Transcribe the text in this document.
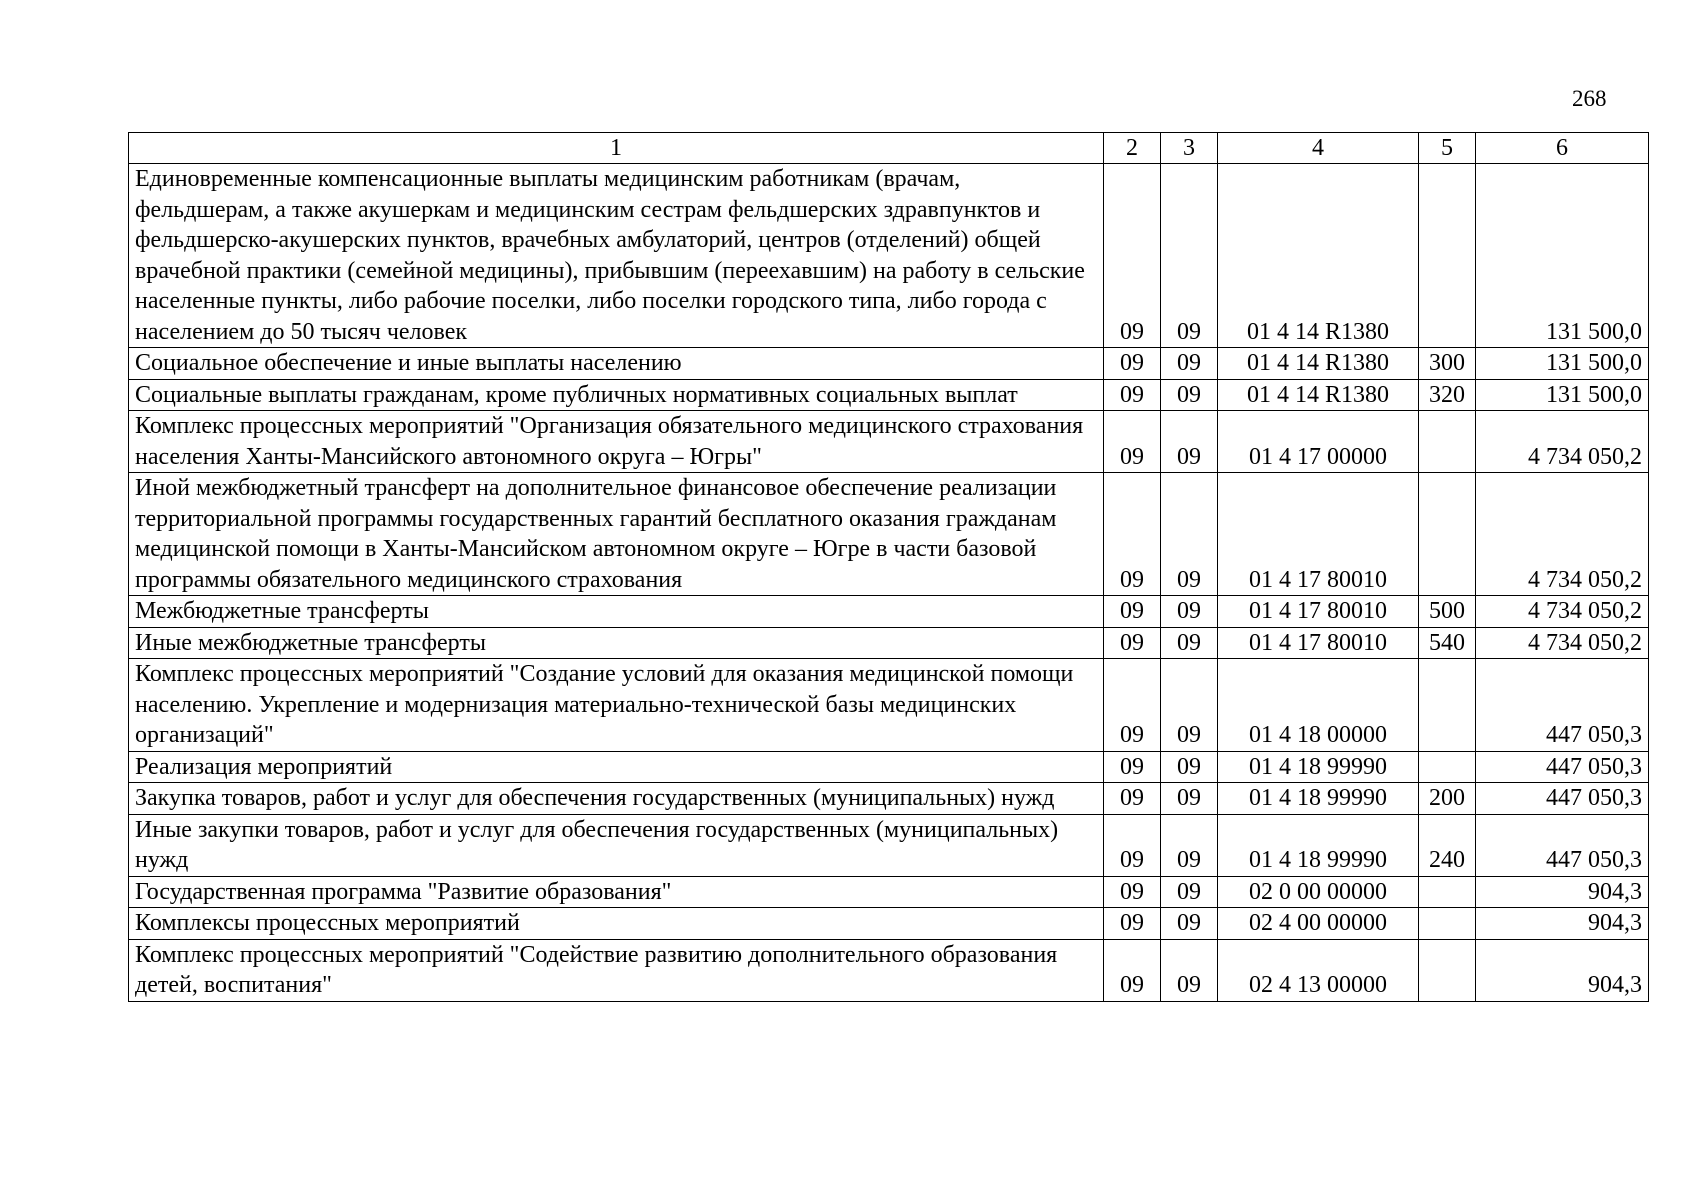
268
1	2	3	4	5	6
Единовременные компенсационные выплаты медицинским работникам (врачам, фельдшерам, а также акушеркам и медицинским сестрам фельдшерских здравпунктов и фельдшерско-акушерских пунктов, врачебных амбулаторий, центров (отделений) общей врачебной практики (семейной медицины), прибывшим (переехавшим) на работу в сельские населенные пункты, либо рабочие поселки, либо поселки городского типа, либо города с населением до 50 тысяч человек	09	09	01 4 14 R1380		131 500,0
Социальное обеспечение и иные выплаты населению	09	09	01 4 14 R1380	300	131 500,0
Социальные выплаты гражданам, кроме публичных нормативных социальных выплат	09	09	01 4 14 R1380	320	131 500,0
Комплекс процессных мероприятий "Организация обязательного медицинского страхования населения Ханты-Мансийского автономного округа – Югры"	09	09	01 4 17 00000		4 734 050,2
Иной межбюджетный трансферт на дополнительное финансовое обеспечение реализации территориальной программы государственных гарантий бесплатного оказания гражданам медицинской помощи в Ханты-Мансийском автономном округе – Югре в части базовой программы обязательного медицинского страхования	09	09	01 4 17 80010		4 734 050,2
Межбюджетные трансферты	09	09	01 4 17 80010	500	4 734 050,2
Иные межбюджетные трансферты	09	09	01 4 17 80010	540	4 734 050,2
Комплекс процессных мероприятий "Создание условий для оказания медицинской помощи населению. Укрепление и модернизация материально-технической базы медицинских организаций"	09	09	01 4 18 00000		447 050,3
Реализация мероприятий	09	09	01 4 18 99990		447 050,3
Закупка товаров, работ и услуг для обеспечения государственных (муниципальных) нужд	09	09	01 4 18 99990	200	447 050,3
Иные закупки товаров, работ и услуг для обеспечения государственных (муниципальных) нужд	09	09	01 4 18 99990	240	447 050,3
Государственная программа "Развитие образования"	09	09	02 0 00 00000		904,3
Комплексы процессных мероприятий	09	09	02 4 00 00000		904,3
Комплекс процессных мероприятий "Содействие развитию дополнительного образования детей, воспитания"	09	09	02 4 13 00000		904,3
